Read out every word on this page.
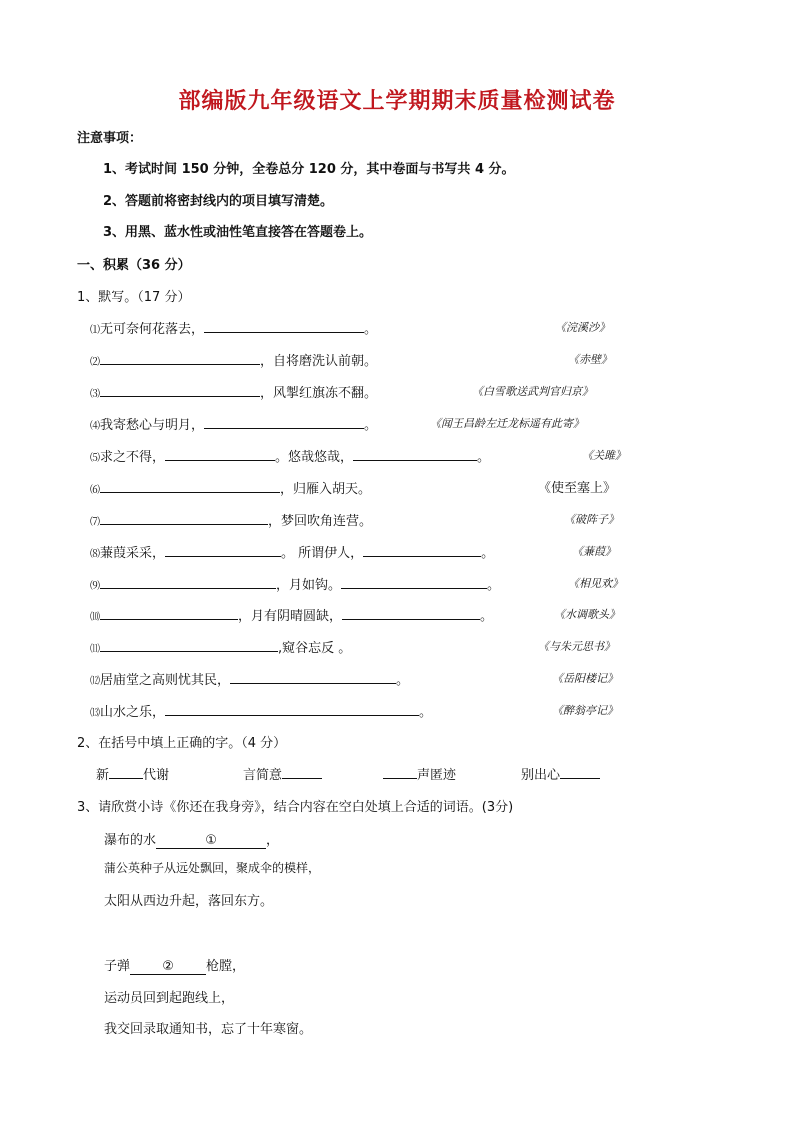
部编版九年级语文上学期期末质量检测试卷
注意事项：
1、考试时间 150 分钟，全卷总分 120 分，其中卷面与书写共 4 分。
2、答题前将密封线内的项目填写清楚。
3、用黑、蓝水性或油性笔直接答在答题卷上。
一、积累（36 分）
1、默写。（17 分）
⑴无可奈何花落去，	。	《浣溪沙》
⑵	，自将磨洗认前朝。	《赤壁》
⑶	，风掣红旗冻不翻。	《白雪歌送武判官归京》
⑷我寄愁心与明月，	。	《闻王昌龄左迁龙标遥有此寄》
⑸求之不得，	。悠哉悠哉，	。	《关雎》
⑹	，归雁入胡天。	《使至塞上》
⑺	，梦回吹角连营。	《破阵子》
⑻蒹葭采采，	。 所谓伊人，	。	《蒹葭》
⑼	，月如钩。	。	《相见欢》
⑽	，月有阴晴圆缺，	。	《水调歌头》
⑾	,窥谷忘反 。	《与朱元思书》
⑿居庙堂之高则忧其民，	。	《岳阳楼记》
⒀山水之乐，	。	《醉翁亭记》
2、在括号中填上正确的字。（4 分）
新	代谢	言简意	声匿迹	别出心
3、请欣赏小诗《你还在我身旁》，结合内容在空白处填上合适的词语。(3分)
瀑布的水	①	，
蒲公英种子从远处飘回，聚成伞的模样，
太阳从西边升起，落回东方。
子弹 ② 枪膛，
运动员回到起跑线上，
我交回录取通知书，忘了十年寒窗。
